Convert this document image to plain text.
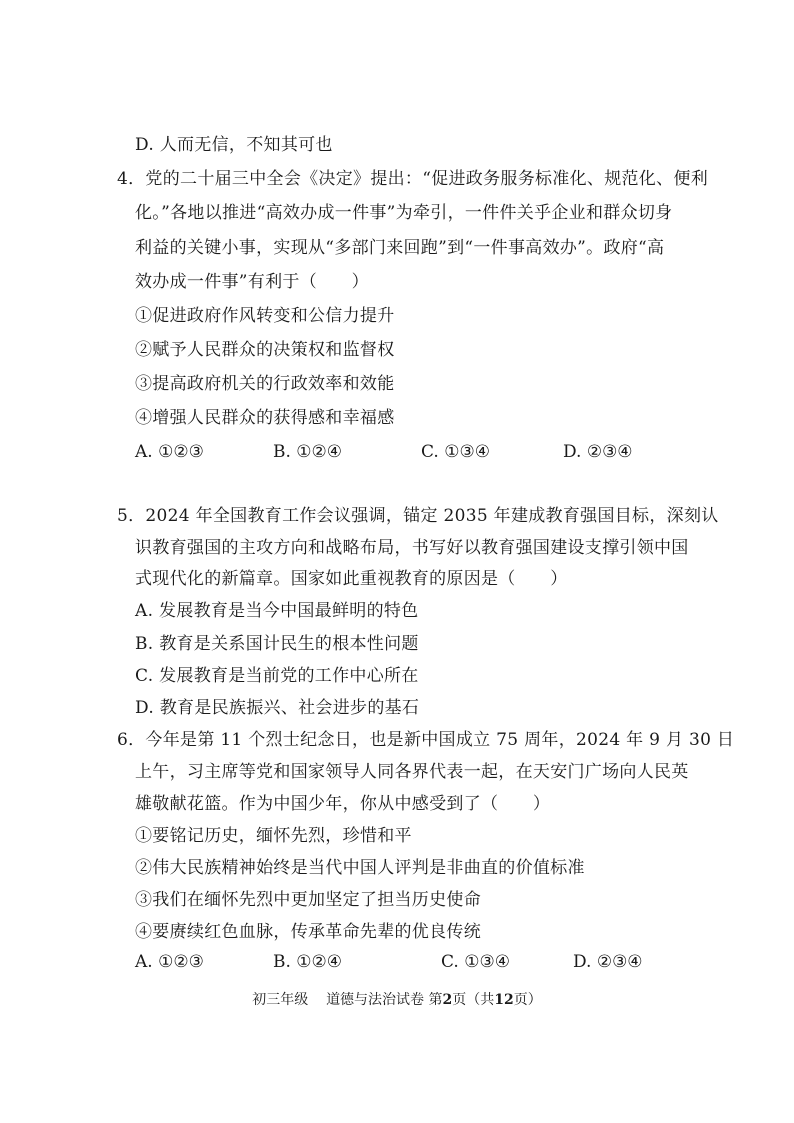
D. 人而无信，不知其可也
4．党的二十届三中全会《决定》提出：“促进政务服务标准化、规范化、便利
化。”各地以推进“高效办成一件事”为牵引，一件件关乎企业和群众切身
利益的关键小事，实现从“多部门来回跑”到“一件事高效办”。政府“高
效办成一件事”有利于（　　）
①促进政府作风转变和公信力提升
②赋予人民群众的决策权和监督权
③提高政府机关的行政效率和效能
④增强人民群众的获得感和幸福感
A. ①②③	B. ①②④	C. ①③④	D. ②③④
5．2024 年全国教育工作会议强调，锚定 2035 年建成教育强国目标，深刻认
识教育强国的主攻方向和战略布局，书写好以教育强国建设支撑引领中国
式现代化的新篇章。国家如此重视教育的原因是（　　）
A. 发展教育是当今中国最鲜明的特色
B. 教育是关系国计民生的根本性问题
C. 发展教育是当前党的工作中心所在
D. 教育是民族振兴、社会进步的基石
6．今年是第 11 个烈士纪念日，也是新中国成立 75 周年，2024 年 9 月 30 日
上午，习主席等党和国家领导人同各界代表一起，在天安门广场向人民英
雄敬献花篮。作为中国少年，你从中感受到了（　　）
①要铭记历史，缅怀先烈，珍惜和平
②伟大民族精神始终是当代中国人评判是非曲直的价值标准
③我们在缅怀先烈中更加坚定了担当历史使命
④要赓续红色血脉，传承革命先辈的优良传统
初三年级 道德与法治试卷 第2页（共12页）
A. ①②③	B. ①②④	C. ①③④	D. ②③④
